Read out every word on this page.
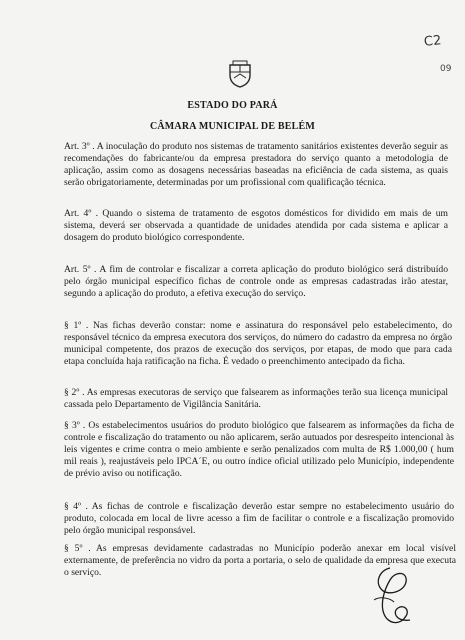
C2
09
ESTADO DO PARÁ
CÂMARA MUNICIPAL DE BELÉM

Art. 3º . A inoculação do produto nos sistemas de tratamento sanitários existentes deverão seguir as recomendações do fabricante/ou da empresa prestadora do serviço quanto a metodologia de aplicação, assim como as dosagens necessárias baseadas na eficiência de cada sistema, as quais serão obrigatoriamente, determinadas por um profissional com qualificação técnica.

Art. 4º . Quando o sistema de tratamento de esgotos domésticos for dividido em mais de um sistema, deverá ser observada a quantidade de unidades atendida por cada sistema e aplicar a dosagem do produto biológico correspondente.

Art. 5º . A fim de controlar e fiscalizar a correta aplicação do produto biológico será distribuído pelo órgão municipal específico fichas de controle onde as empresas cadastradas irão atestar, segundo a aplicação do produto, a efetiva execução do serviço.

§ 1º . Nas fichas deverão constar: nome e assinatura do responsável pelo estabelecimento, do responsável técnico da empresa executora dos serviços, do número do cadastro da empresa no órgão municipal competente, dos prazos de execução dos serviços, por etapas, de modo que para cada etapa concluída haja ratificação na ficha. É vedado o preenchimento antecipado da ficha.

§ 2º . As empresas executoras de serviço que falsearem as informações terão sua licença municipal cassada pelo Departamento de Vigilância Sanitária.

§ 3º . Os estabelecimentos usuários do produto biológico que falsearem as informações da ficha de controle e fiscalização do tratamento ou não aplicarem, serão autuados por desrespeito intencional às leis vigentes e crime contra o meio ambiente e serão penalizados com multa de R$ 1.000,00 ( hum mil reais ), reajustáveis pelo IPCA´E, ou outro índice oficial utilizado pelo Município, independente de prévio aviso ou notificação.

§ 4º . As fichas de controle e fiscalização deverão estar sempre no estabelecimento usuário do produto, colocada em local de livre acesso a fim de facilitar o controle e a fiscalização promovido pelo órgão municipal responsável.

§ 5º . As empresas devidamente cadastradas no Município poderão anexar em local visível externamente, de preferência no vidro da porta a portaria, o selo de qualidade da empresa que executa o serviço.
